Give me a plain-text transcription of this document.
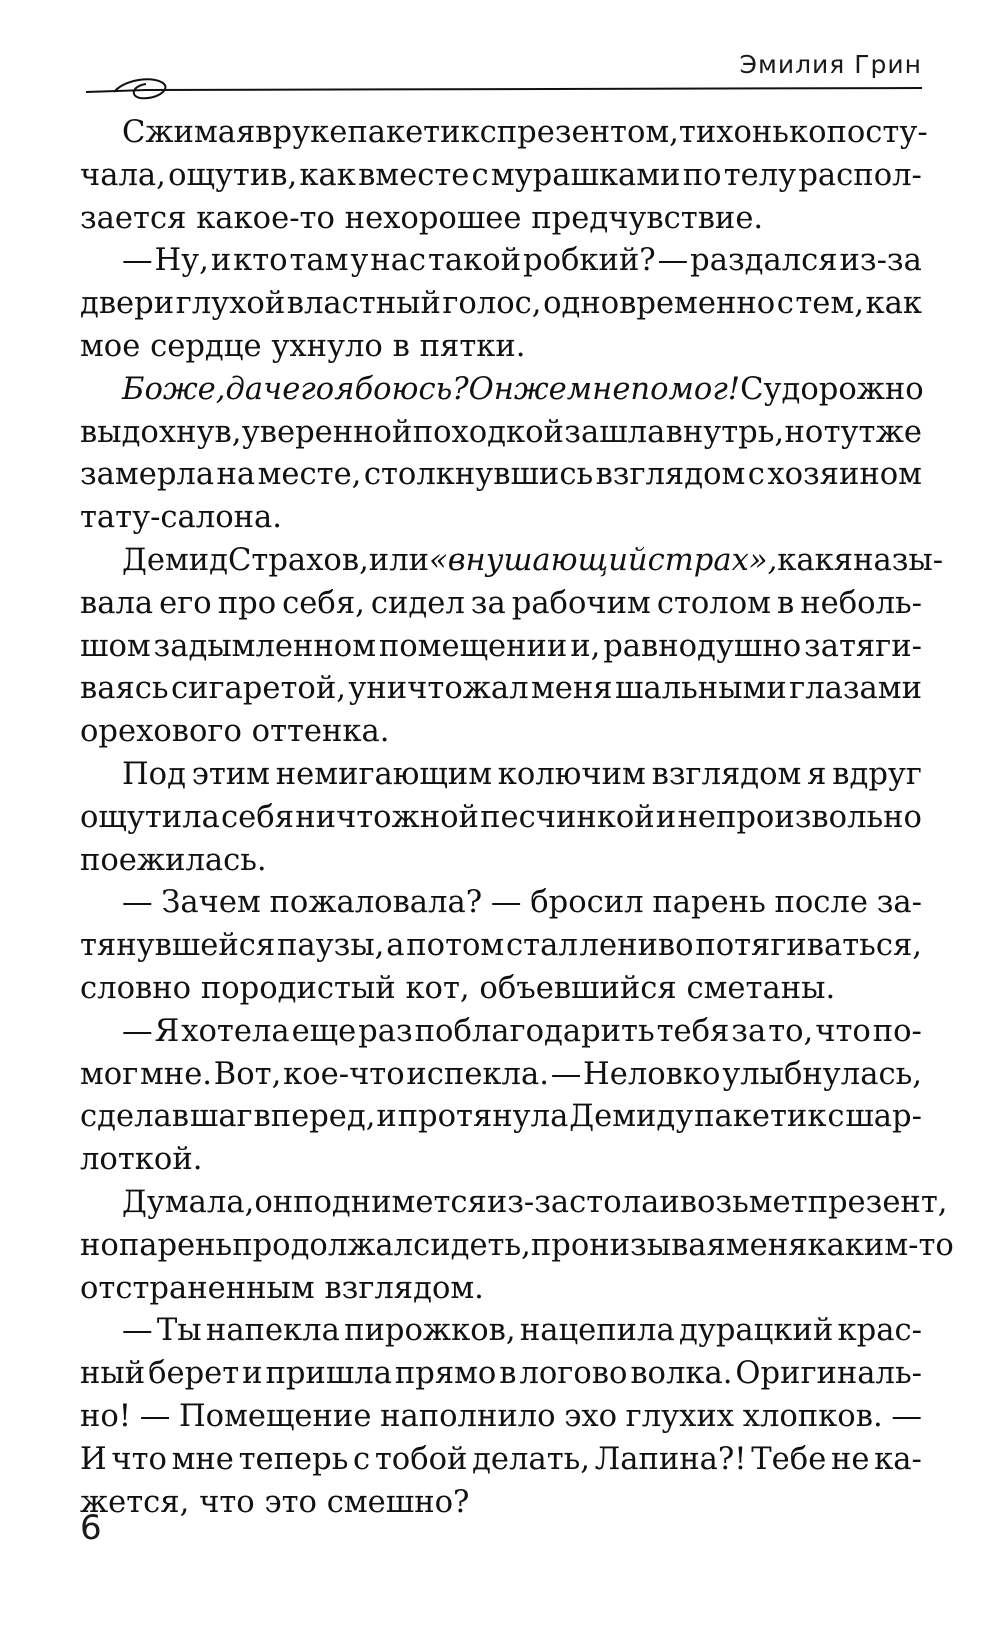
Эмилия Грин
Сжимая в руке пакетик с презентом, тихонько посту-
чала, ощутив, как вместе с мурашками по телу распол-
зается какое-то нехорошее предчувствие.
— Ну, и кто там у нас такой робкий? — раздался из-за
двери глухой властный голос, одновременно с тем, как
мое сердце ухнуло в пятки.
Боже, да чего я боюсь? Он же мне помог! Судорожно
выдохнув, уверенной походкой зашла внутрь, но тут же
замерла на месте, столкнувшись взглядом с хозяином
тату-салона.
Демид Страхов, или «внушающий страх», как я назы-
вала его про себя, сидел за рабочим столом в неболь-
шом задымленном помещении и, равнодушно затяги-
ваясь сигаретой, уничтожал меня шальными глазами
орехового оттенка.
Под этим немигающим колючим взглядом я вдруг
ощутила себя ничтожной песчинкой и непроизвольно
поежилась.
— Зачем пожаловала? — бросил парень после за-
тянувшейся паузы, а потом стал лениво потягиваться,
словно породистый кот, объевшийся сметаны.
— Я хотела еще раз поблагодарить тебя за то, что по-
мог мне. Вот, кое-что испекла. — Неловко улыбнулась,
сделав шаг вперед, и протянула Демиду пакетик с шар-
лоткой.
Думала, он поднимется из-за стола и возьмет презент,
но парень продолжал сидеть, пронизывая меня каким-то
отстраненным взглядом.
— Ты напекла пирожков, нацепила дурацкий крас-
ный берет и пришла прямо в логово волка. Оригиналь-
но! — Помещение наполнило эхо глухих хлопков. —
И что мне теперь с тобой делать, Лапина?! Тебе не ка-
жется, что это смешно?
6
